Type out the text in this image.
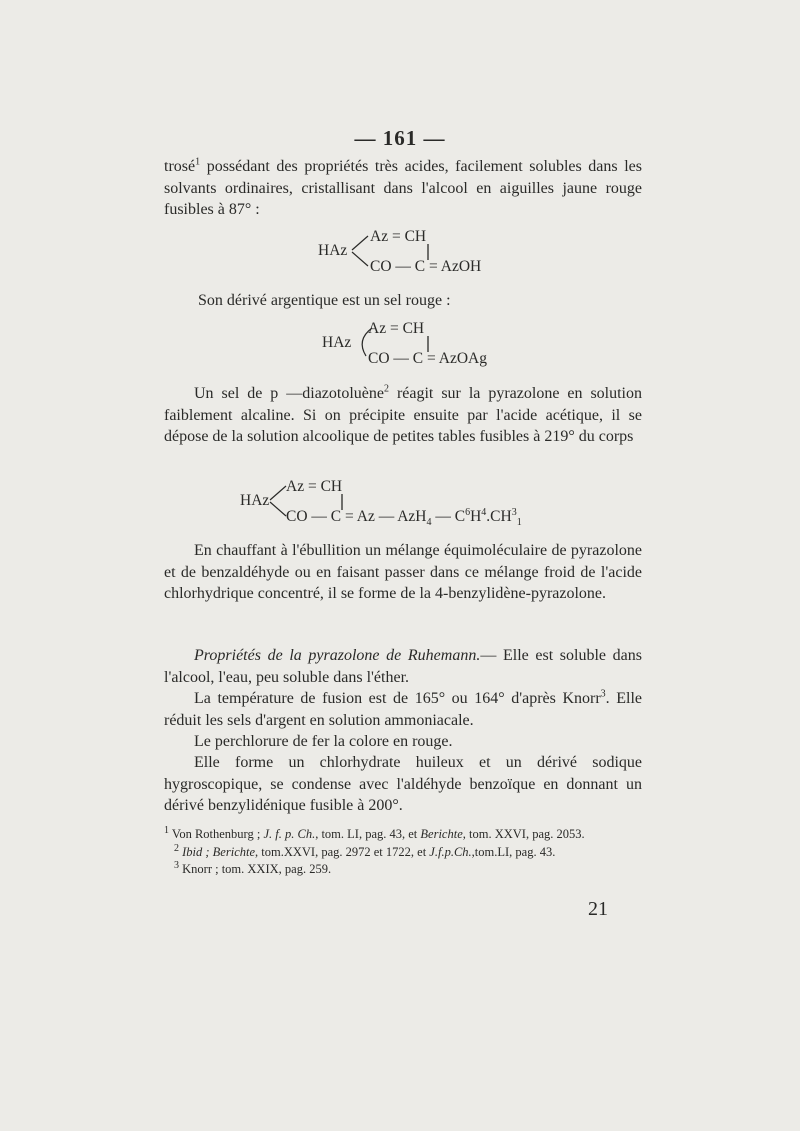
— 161 —
trosé$^1$ possédant des propriétés très acides, facilement solubles dans les solvants ordinaires, cristallisant dans l'alcool en aiguilles jaune rouge fusibles à 87° :
HAz
Az = CH
CO — C = AzOH
Son dérivé argentique est un sel rouge :
HAz
Az = CH
CO — C = AzOAg
Un sel de p —diazotoluène$^2$ réagit sur la pyrazolone en solution faiblement alcaline. Si on précipite ensuite par l'acide acétique, il se dépose de la solution alcoolique de petites tables fusibles à 219° du corps
HAz
Az = CH
CO — C = Az — AzH$_4$ — $C^6H^4.CH^3_1$
En chauffant à l'ébullition un mélange équimoléculaire de pyrazolone et de benzaldéhyde ou en faisant passer dans ce mélange froid de l'acide chlorhydrique concentré, il se forme de la 4-benzylidène-pyrazolone.
Propriétés de la pyrazolone de Ruhemann.— Elle est soluble dans l'alcool, l'eau, peu soluble dans l'éther.
La température de fusion est de 165° ou 164° d'après Knorr$^3$. Elle réduit les sels d'argent en solution ammoniacale.
Le perchlorure de fer la colore en rouge.
Elle forme un chlorhydrate huileux et un dérivé sodique hygroscopique, se condense avec l'aldéhyde benzoïque en donnant un dérivé benzylidénique fusible à 200°.
$^1$ Von Rothenburg ; J. f. p. Ch., tom. LI, pag. 43, et Berichte, tom. XXVI, pag. 2053.
$^2$ Ibid ; Berichte, tom.XXVI, pag. 2972 et 1722, et J.f.p.Ch.,tom.LI, pag. 43.
$^3$ Knorr ; tom. XXIX, pag. 259.
21
